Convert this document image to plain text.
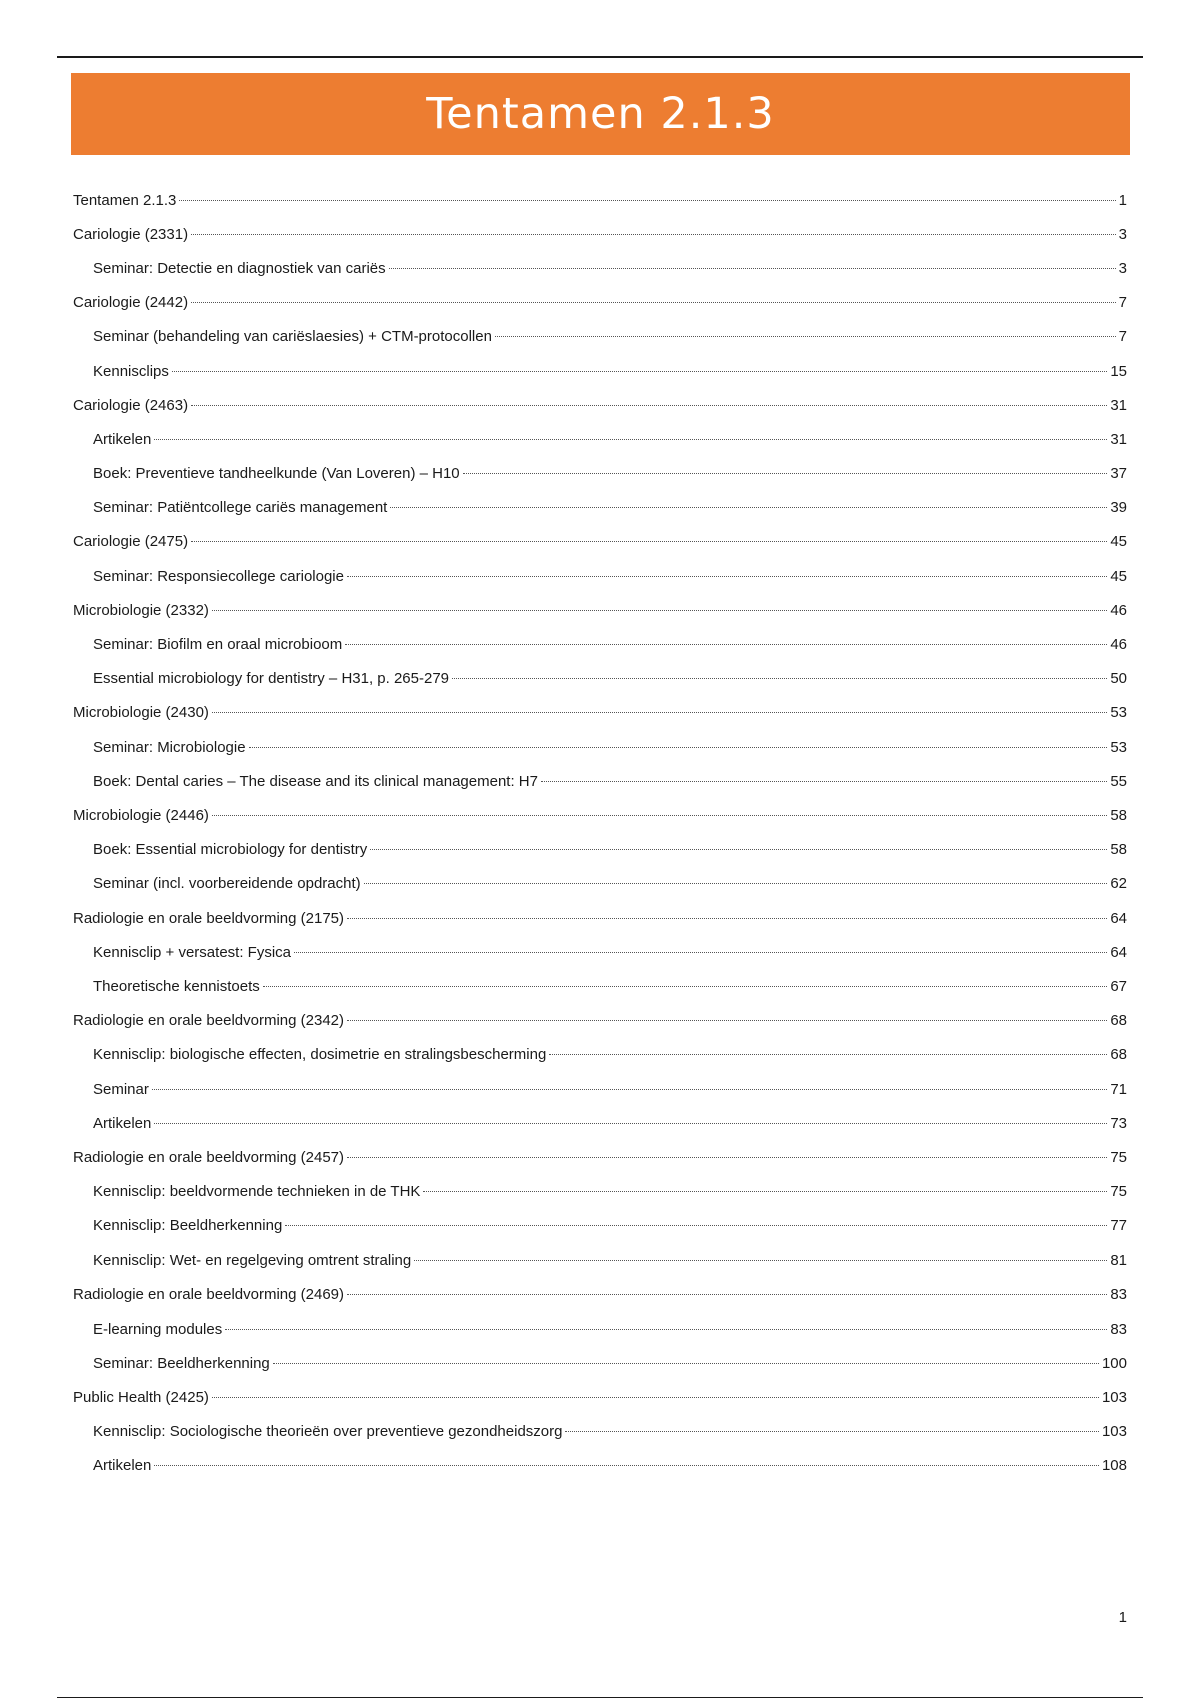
Tentamen 2.1.3
Tentamen 2.1.3	1
Cariologie (2331)	3
Seminar: Detectie en diagnostiek van cariës	3
Cariologie (2442)	7
Seminar (behandeling van cariëslaesies) + CTM-protocollen	7
Kennisclips	15
Cariologie (2463)	31
Artikelen	31
Boek: Preventieve tandheelkunde (Van Loveren) – H10	37
Seminar: Patiëntcollege cariës management	39
Cariologie (2475)	45
Seminar: Responsiecollege cariologie	45
Microbiologie (2332)	46
Seminar: Biofilm en oraal microbioom	46
Essential microbiology for dentistry – H31, p. 265-279	50
Microbiologie (2430)	53
Seminar: Microbiologie	53
Boek: Dental caries – The disease and its clinical management: H7	55
Microbiologie (2446)	58
Boek: Essential microbiology for dentistry	58
Seminar (incl. voorbereidende opdracht)	62
Radiologie en orale beeldvorming (2175)	64
Kennisclip + versatest: Fysica	64
Theoretische kennistoets	67
Radiologie en orale beeldvorming (2342)	68
Kennisclip: biologische effecten, dosimetrie en stralingsbescherming	68
Seminar	71
Artikelen	73
Radiologie en orale beeldvorming (2457)	75
Kennisclip: beeldvormende technieken in de THK	75
Kennisclip: Beeldherkenning	77
Kennisclip: Wet- en regelgeving omtrent straling	81
Radiologie en orale beeldvorming (2469)	83
E-learning modules	83
Seminar: Beeldherkenning	100
Public Health (2425)	103
Kennisclip: Sociologische theorieën over preventieve gezondheidszorg	103
Artikelen	108
1
